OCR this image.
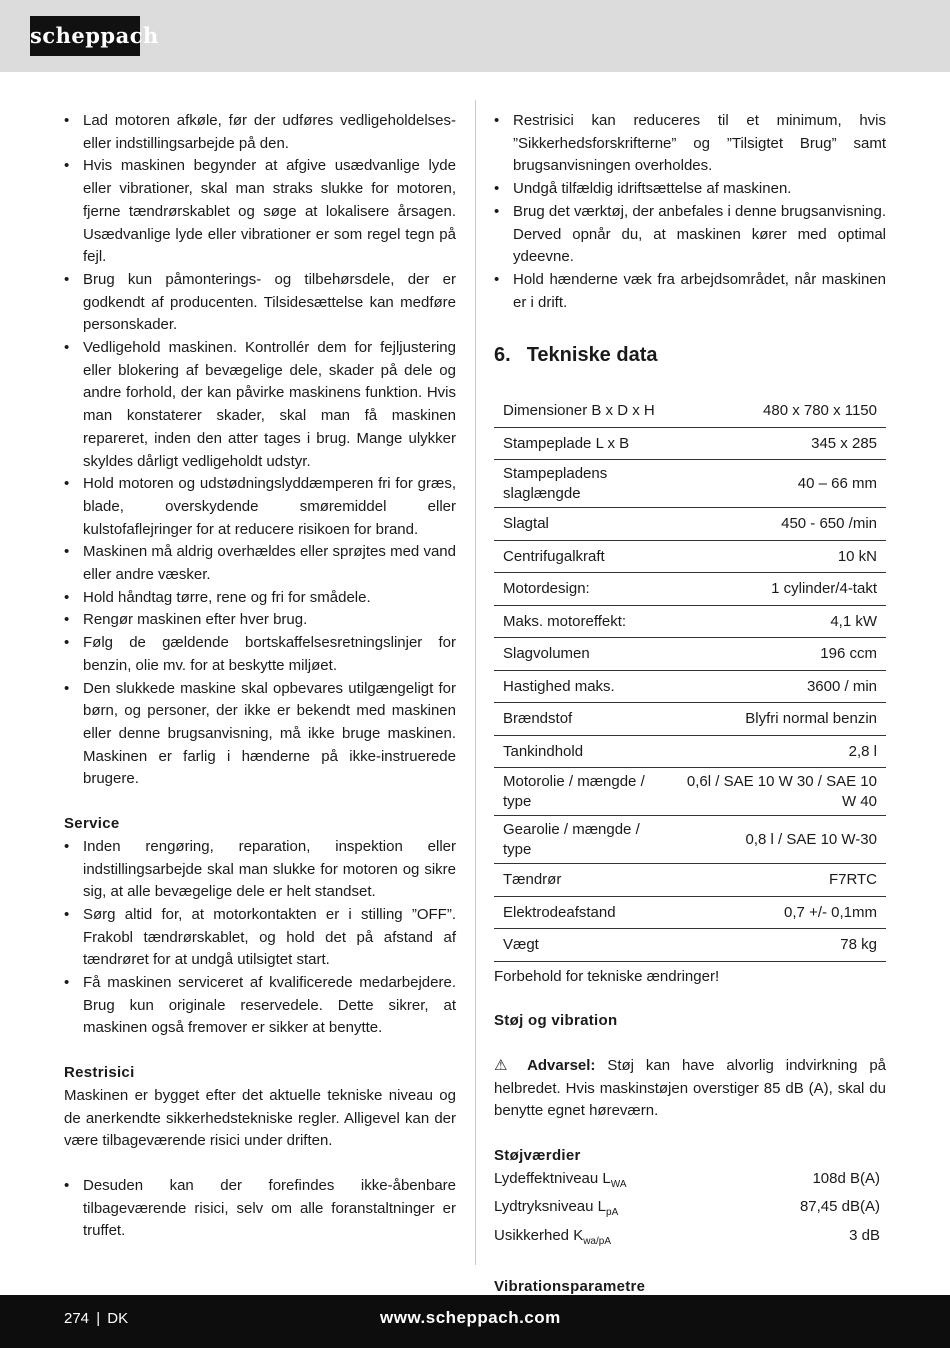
scheppach
• Lad motoren afkøle, før der udføres vedligeholdelses- eller indstillingsarbejde på den.
• Hvis maskinen begynder at afgive usædvanlige lyde eller vibrationer, skal man straks slukke for motoren, fjerne tændrørskablet og søge at lokalisere årsagen. Usædvanlige lyde eller vibrationer er som regel tegn på fejl.
• Brug kun påmonterings- og tilbehørsdele, der er godkendt af producenten. Tilsidesættelse kan medføre personskader.
• Vedligehold maskinen. Kontrollér dem for fejljustering eller blokering af bevægelige dele, skader på dele og andre forhold, der kan påvirke maskinens funktion. Hvis man konstaterer skader, skal man få maskinen repareret, inden den atter tages i brug. Mange ulykker skyldes dårligt vedligeholdt udstyr.
• Hold motoren og udstødningslyddæmperen fri for græs, blade, overskydende smøremiddel eller kulstofaflejringer for at reducere risikoen for brand.
• Maskinen må aldrig overhældes eller sprøjtes med vand eller andre væsker.
• Hold håndtag tørre, rene og fri for smådele.
• Rengør maskinen efter hver brug.
• Følg de gældende bortskaffelsesretningslinjer for benzin, olie mv. for at beskytte miljøet.
• Den slukkede maskine skal opbevares utilgængeligt for børn, og personer, der ikke er bekendt med maskinen eller denne brugsanvisning, må ikke bruge maskinen. Maskinen er farlig i hænderne på ikke-instruerede brugere.

Service

• Inden rengøring, reparation, inspektion eller indstillingsarbejde skal man slukke for motoren og sikre sig, at alle bevægelige dele er helt standset.
• Sørg altid for, at motorkontakten er i stilling ”OFF”. Frakobl tændrørskablet, og hold det på afstand af tændrøret for at undgå utilsigtet start.
• Få maskinen serviceret af kvalificerede medarbejdere. Brug kun originale reservedele. Dette sikrer, at maskinen også fremover er sikker at benytte.

Restrisici

Maskinen er bygget efter det aktuelle tekniske niveau og de anerkendte sikkerhedstekniske regler. Alligevel kan der være tilbageværende risici under driften.

• Desuden kan der forefindes ikke-åbenbare tilbageværende risici, selv om alle foranstaltninger er truffet.
• Restrisici kan reduceres til et minimum, hvis ”Sikkerhedsforskrifterne” og ”Tilsigtet Brug” samt brugsanvisningen overholdes.
• Undgå tilfældig idriftsættelse af maskinen.
• Brug det værktøj, der anbefales i denne brugsanvisning. Derved opnår du, at maskinen kører med optimal ydeevne.
• Hold hænderne væk fra arbejdsområdet, når maskinen er i drift.
6. Tekniske data
Dimensioner B x D x H	480 x 780 x 1150
Stampeplade L x B	345 x 285
Stampepladens slaglængde	40 – 66 mm
Slagtal	450 - 650 /min
Centrifugalkraft	10 kN
Motordesign:	1 cylinder/4-takt
Maks. motoreffekt:	4,1 kW
Slagvolumen	196 ccm
Hastighed maks.	3600 / min
Brændstof	Blyfri normal benzin
Tankindhold	2,8 l
Motorolie / mængde / type	0,6l / SAE 10 W 30 / SAE 10 W 40
Gearolie / mængde / type	0,8 l / SAE 10 W-30
Tændrør	F7RTC
Elektrodeafstand	0,7 +/- 0,1mm
Vægt	78 kg

Forbehold for tekniske ændringer!

Støj og vibration

⚠ Advarsel: Støj kan have alvorlig indvirkning på helbredet. Hvis maskinstøjen overstiger 85 dB (A), skal du benytte egnet høreværn.

Støjværdier

Lydeffektniveau $L_{WA}$	108d B(A)
Lydtryksniveau $L_{pA}$	87,45 dB(A)
Usikkerhed $K_{wa/pA}$	3 dB

Vibrationsparametre

274 | DK	www.scheppach.com
